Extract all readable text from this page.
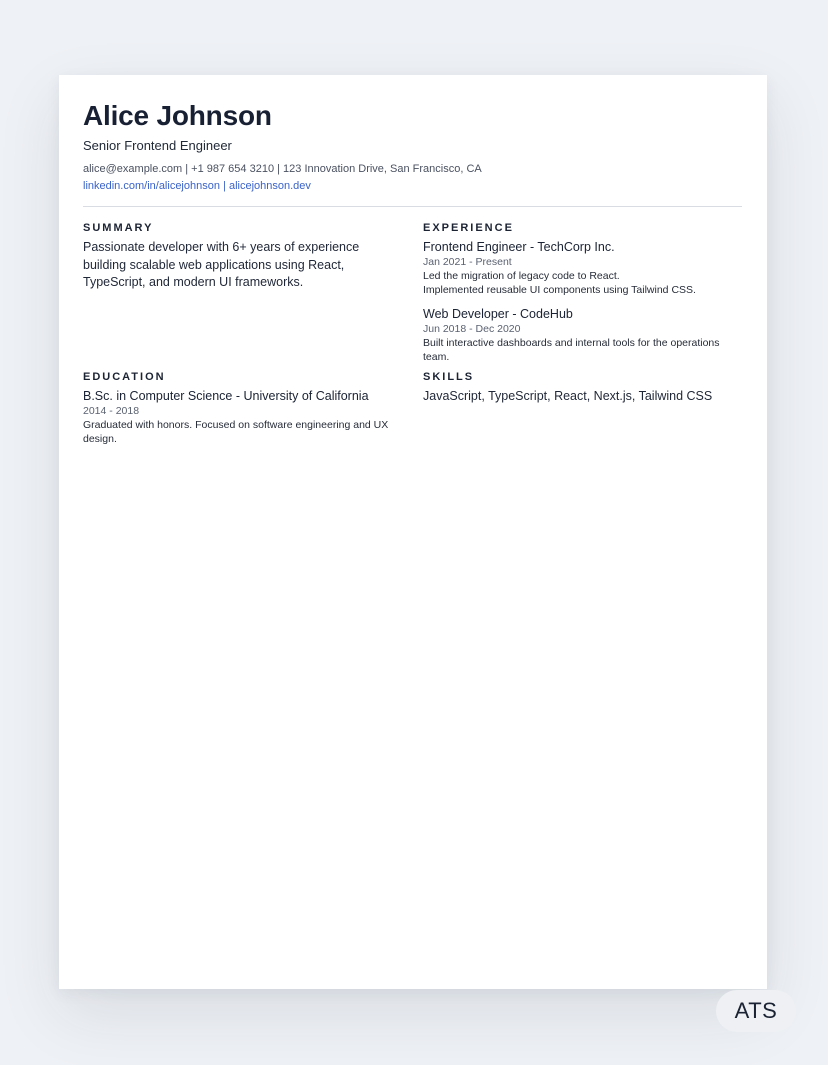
Alice Johnson
Senior Frontend Engineer
alice@example.com | +1 987 654 3210 | 123 Innovation Drive, San Francisco, CA
linkedin.com/in/alicejohnson | alicejohnson.dev
SUMMARY
Passionate developer with 6+ years of experience building scalable web applications using React, TypeScript, and modern UI frameworks.
EXPERIENCE
Frontend Engineer - TechCorp Inc.
Jan 2021 - Present
Led the migration of legacy code to React.
Implemented reusable UI components using Tailwind CSS.
Web Developer - CodeHub
Jun 2018 - Dec 2020
Built interactive dashboards and internal tools for the operations team.
EDUCATION
B.Sc. in Computer Science - University of California
2014 - 2018
Graduated with honors. Focused on software engineering and UX design.
SKILLS
JavaScript, TypeScript, React, Next.js, Tailwind CSS
ATS
